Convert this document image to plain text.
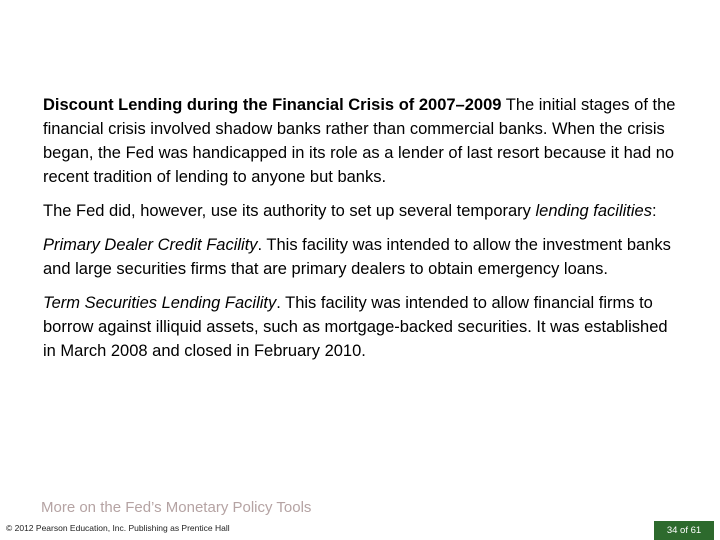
Discount Lending during the Financial Crisis of 2007–2009 The initial stages of the financial crisis involved shadow banks rather than commercial banks. When the crisis began, the Fed was handicapped in its role as a lender of last resort because it had no recent tradition of lending to anyone but banks.

The Fed did, however, use its authority to set up several temporary lending facilities:

Primary Dealer Credit Facility. This facility was intended to allow the investment banks and large securities firms that are primary dealers to obtain emergency loans.

Term Securities Lending Facility. This facility was intended to allow financial firms to borrow against illiquid assets, such as mortgage-backed securities. It was established in March 2008 and closed in February 2010.

More on the Fed’s Monetary Policy Tools
© 2012 Pearson Education, Inc. Publishing as Prentice Hall	34 of 61
